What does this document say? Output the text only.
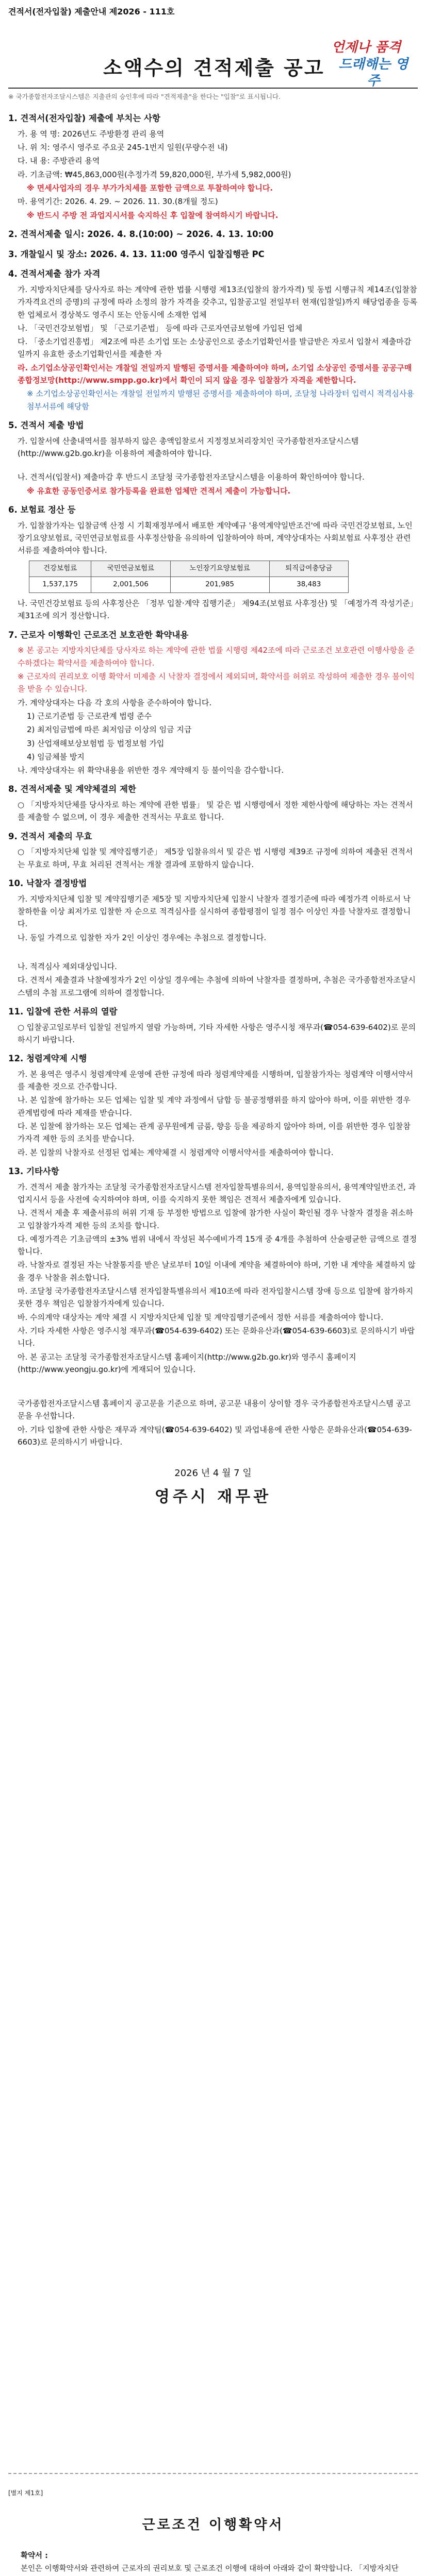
견적서(전자입찰) 제출안내 제2026 - 111호
소액수의 견적제출 공고
언제나 품격
드래해는 영주
※ 국가종합전자조달시스템은 지출관의 승인후에 따라 "견적제출"을 한다는 "입찰"로 표시됩니다.
1. 견적서(전자입찰) 제출에 부치는 사항

가. 용 역 명: 2026년도 주방환경 관리 용역

나. 위 치: 영주시 영주로 주요곳 245-1번지 일원(무량수전 내)

다. 내 용: 주방관리 용역

라. 기초금액: ₩45,863,000원(추정가격 59,820,000원, 부가세 5,982,000원)

※ 면세사업자의 경우 부가가치세를 포함한 금액으로 투찰하여야 합니다.

마. 용역기간: 2026. 4. 29. ~ 2026. 11. 30.(8개월 정도)

※ 반드시 주방 전 과업지시서를 숙지하신 후 입찰에 참여하시기 바랍니다.

2. 견적서제출 일시: 2026. 4. 8.(10:00) ~ 2026. 4. 13. 10:00
3. 개찰일시 및 장소: 2026. 4. 13. 11:00 영주시 입찰집행관 PC
4. 견적서제출 참가 자격

가. 지방자치단체를 당사자로 하는 계약에 관한 법률 시행령 제13조(입찰의 참가자격) 및 동법 시행규칙 제14조(입찰참가자격요건의 증명)의 규정에 따라 소정의 참가 자격을 갖추고, 입찰공고일 전일부터 현재(입찰일)까지 해당업종을 등록한 업체로서 경상북도 영주시 또는 안동시에 소재한 업체

나. 「국민건강보험법」 및 「근로기준법」 등에 따라 근로자연금보험에 가입된 업체

다. 「중소기업진흥법」 제2조에 따른 소기업 또는 소상공인으로 중소기업확인서를 발급받은 자로서 입찰서 제출마감일까지 유효한 중소기업확인서를 제출한 자

라. 소기업소상공인확인서는 개찰일 전일까지 발행된 증명서를 제출하여야 하며, 소기업 소상공인 증명서를 공공구매종합정보망(http://www.smpp.go.kr)에서 확인이 되지 않을 경우 입찰참가 자격을 제한합니다.

※ 소기업소상공인확인서는 개찰일 전일까지 발행된 증명서를 제출하여야 하며, 조달청 나라장터 입력시 적격심사용 첨부서류에 해당함

5. 견적서 제출 방법

가. 입찰서에 산출내역서를 첨부하지 않은 총액입찰로서 지정정보처리장치인 국가종합전자조달시스템(http://www.g2b.go.kr)을 이용하여 제출하여야 합니다.

나. 견적서(입찰서) 제출마감 후 반드시 조달청 국가종합전자조달시스템을 이용하여 확인하여야 합니다.

※ 유효한 공동인증서로 참가등록을 완료한 업체만 견적서 제출이 가능합니다.

6. 보험료 정산 등

가. 입찰참가자는 입찰금액 산정 시 기획재정부에서 배포한 계약예규 '용역계약일반조건'에 따라 국민건강보험료, 노인장기요양보험료, 국민연금보험료를 사후정산함을 유의하여 입찰하여야 하며, 계약상대자는 사회보험료 사후정산 관련 서류를 제출하여야 합니다.

건강보험료	국민연금보험료	노인장기요양보험료	퇴직급여충당금
1,537,175	2,001,506	201,985	38,483

나. 국민건강보험료 등의 사후정산은 「정부 입찰·계약 집행기준」 제94조(보험료 사후정산) 및 「예정가격 작성기준」 제31조에 의거 정산합니다.

7. 근로자 이행확인 근로조건 보호관한 확약내용

※ 본 공고는 지방자치단체를 당사자로 하는 계약에 관한 법률 시행령 제42조에 따라 근로조건 보호관련 이행사항을 준수하겠다는 확약서를 제출하여야 합니다.

※ 근로자의 권리보호 이행 확약서 미제출 시 낙찰자 결정에서 제외되며, 확약서를 허위로 작성하여 제출한 경우 불이익을 받을 수 있습니다.

가. 계약상대자는 다음 각 호의 사항을 준수하여야 합니다.

1) 근로기준법 등 근로관계 법령 준수

2) 최저임금법에 따른 최저임금 이상의 임금 지급

3) 산업재해보상보험법 등 법정보험 가입

4) 임금체불 방지

나. 계약상대자는 위 확약내용을 위반한 경우 계약해지 등 불이익을 감수합니다.

8. 견적서제출 및 계약체결의 제한

○ 「지방자치단체를 당사자로 하는 계약에 관한 법률」 및 같은 법 시행령에서 정한 제한사항에 해당하는 자는 견적서를 제출할 수 없으며, 이 경우 제출한 견적서는 무효로 합니다.

9. 견적서 제출의 무효

○ 「지방자치단체 입찰 및 계약집행기준」 제5장 입찰유의서 및 같은 법 시행령 제39조 규정에 의하여 제출된 견적서는 무효로 하며, 무효 처리된 견적서는 개찰 결과에 포함하지 않습니다.

10. 낙찰자 결정방법

가. 지방자치단체 입찰 및 계약집행기준 제5장 및 지방자치단체 입찰시 낙찰자 결정기준에 따라 예정가격 이하로서 낙찰하한율 이상 최저가로 입찰한 자 순으로 적격심사를 실시하여 종합평점이 일정 점수 이상인 자를 낙찰자로 결정합니다.

나. 동일 가격으로 입찰한 자가 2인 이상인 경우에는 추첨으로 결정합니다.

나. 적격심사 제외대상입니다.

다. 견적서 제출결과 낙찰예정자가 2인 이상일 경우에는 추첨에 의하여 낙찰자를 결정하며, 추첨은 국가종합전자조달시스템의 추첨 프로그램에 의하여 결정합니다.

11. 입찰에 관한 서류의 열람

○ 입찰공고일로부터 입찰일 전일까지 열람 가능하며, 기타 자세한 사항은 영주시청 재무과(☎054-639-6402)로 문의하시기 바랍니다.

12. 청렴계약제 시행

가. 본 용역은 영주시 청렴계약제 운영에 관한 규정에 따라 청렴계약제를 시행하며, 입찰참가자는 청렴계약 이행서약서를 제출한 것으로 간주합니다.

나. 본 입찰에 참가하는 모든 업체는 입찰 및 계약 과정에서 담합 등 불공정행위를 하지 않아야 하며, 이를 위반한 경우 관계법령에 따라 제재를 받습니다.

다. 본 입찰에 참가하는 모든 업체는 관계 공무원에게 금품, 향응 등을 제공하지 않아야 하며, 이를 위반한 경우 입찰참가자격 제한 등의 조치를 받습니다.

라. 본 입찰의 낙찰자로 선정된 업체는 계약체결 시 청렴계약 이행서약서를 제출하여야 합니다.

13. 기타사항

가. 견적서 제출 참가자는 조달청 국가종합전자조달시스템 전자입찰특별유의서, 용역입찰유의서, 용역계약일반조건, 과업지시서 등을 사전에 숙지하여야 하며, 이를 숙지하지 못한 책임은 견적서 제출자에게 있습니다.

나. 견적서 제출 후 제출서류의 허위 기재 등 부정한 방법으로 입찰에 참가한 사실이 확인될 경우 낙찰자 결정을 취소하고 입찰참가자격 제한 등의 조치를 합니다.

다. 예정가격은 기초금액의 ±3% 범위 내에서 작성된 복수예비가격 15개 중 4개를 추첨하여 산술평균한 금액으로 결정합니다.

라. 낙찰자로 결정된 자는 낙찰통지를 받은 날로부터 10일 이내에 계약을 체결하여야 하며, 기한 내 계약을 체결하지 않을 경우 낙찰을 취소합니다.

마. 조달청 국가종합전자조달시스템 전자입찰특별유의서 제10조에 따라 전자입찰시스템 장애 등으로 입찰에 참가하지 못한 경우 책임은 입찰참가자에게 있습니다.

바. 수의계약 대상자는 계약 체결 시 지방자치단체 입찰 및 계약집행기준에서 정한 서류를 제출하여야 합니다.

사. 기타 자세한 사항은 영주시청 재무과(☎054-639-6402) 또는 문화유산과(☎054-639-6603)로 문의하시기 바랍니다.

아. 본 공고는 조달청 국가종합전자조달시스템 홈페이지(http://www.g2b.go.kr)와 영주시 홈페이지(http://www.yeongju.go.kr)에 게재되어 있습니다.

국가종합전자조달시스템 홈페이지 공고문을 기준으로 하며, 공고문 내용이 상이할 경우 국가종합전자조달시스템 공고문을 우선합니다.

아. 기타 입찰에 관한 사항은 재무과 계약팀(☎054-639-6402) 및 과업내용에 관한 사항은 문화유산과(☎054-639-6603)로 문의하시기 바랍니다.

2026 년 4 월 7 일
영주시 재무관
[별지 제1호]
근로조건 이행확약서

확약서 :

본인은 이행확약서와 관련하여 근로자의 권리보호 및 근로조건 이행에 대하여 아래와 같이 확약합니다. 「지방자치단
